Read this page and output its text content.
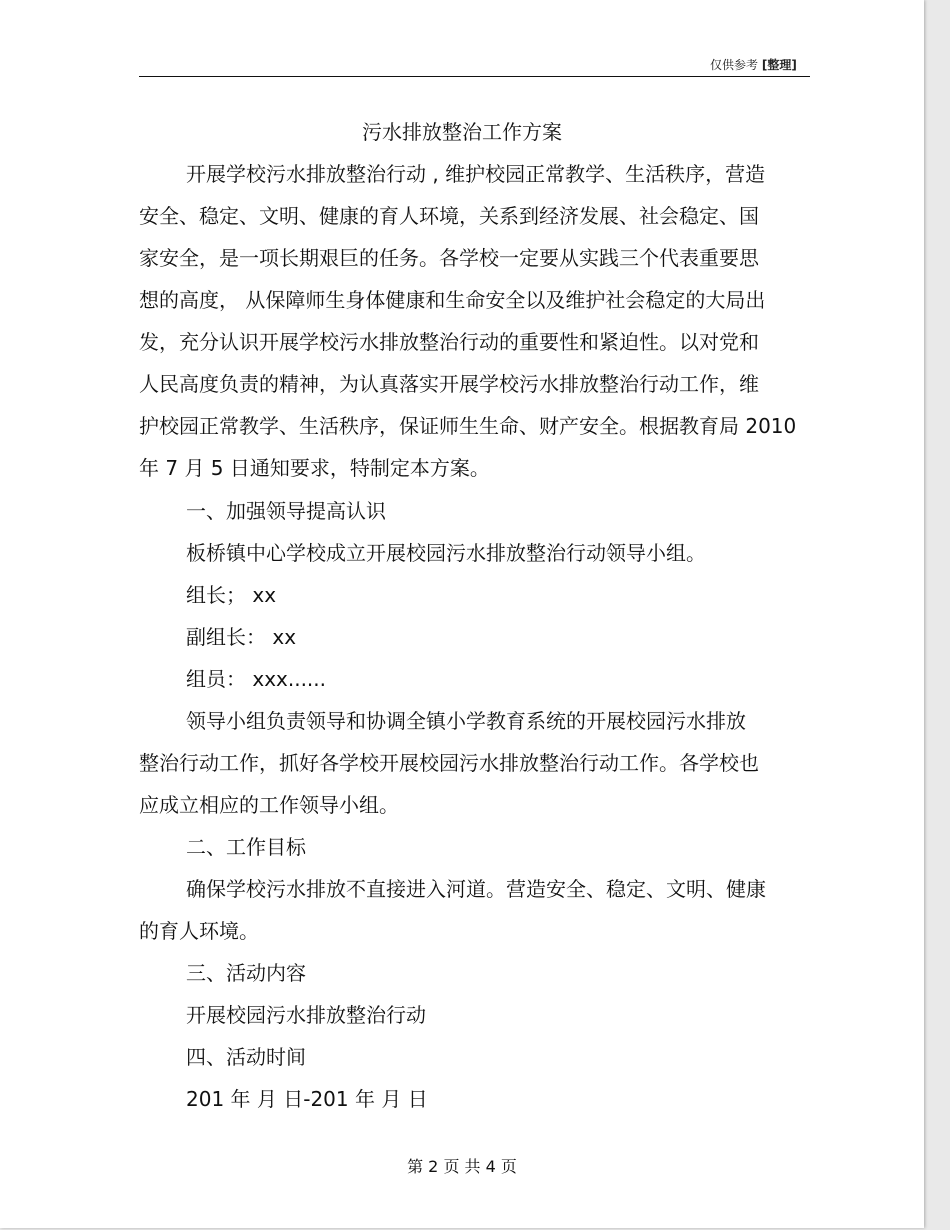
仅供参考 [整理]
污水排放整治工作方案
开展学校污水排放整治行动 , 维护校园正常教学、生活秩序，营造
安全、稳定、文明、健康的育人环境，关系到经济发展、社会稳定、国
家安全，是一项长期艰巨的任务。各学校一定要从实践三个代表重要思
想的高度， 从保障师生身体健康和生命安全以及维护社会稳定的大局出
发，充分认识开展学校污水排放整治行动的重要性和紧迫性。以对党和
人民高度负责的精神，为认真落实开展学校污水排放整治行动工作，维
护校园正常教学、生活秩序，保证师生生命、财产安全。根据教育局 2010
年 7 月 5 日通知要求，特制定本方案。
一、加强领导提高认识
板桥镇中心学校成立开展校园污水排放整治行动领导小组。
组长； xx
副组长： xx
组员： xxx......
领导小组负责领导和协调全镇小学教育系统的开展校园污水排放
整治行动工作，抓好各学校开展校园污水排放整治行动工作。各学校也
应成立相应的工作领导小组。
二、工作目标
确保学校污水排放不直接进入河道。营造安全、稳定、文明、健康
的育人环境。
三、活动内容
开展校园污水排放整治行动
四、活动时间
201 年 月 日-201 年 月 日
第 2 页 共 4 页
